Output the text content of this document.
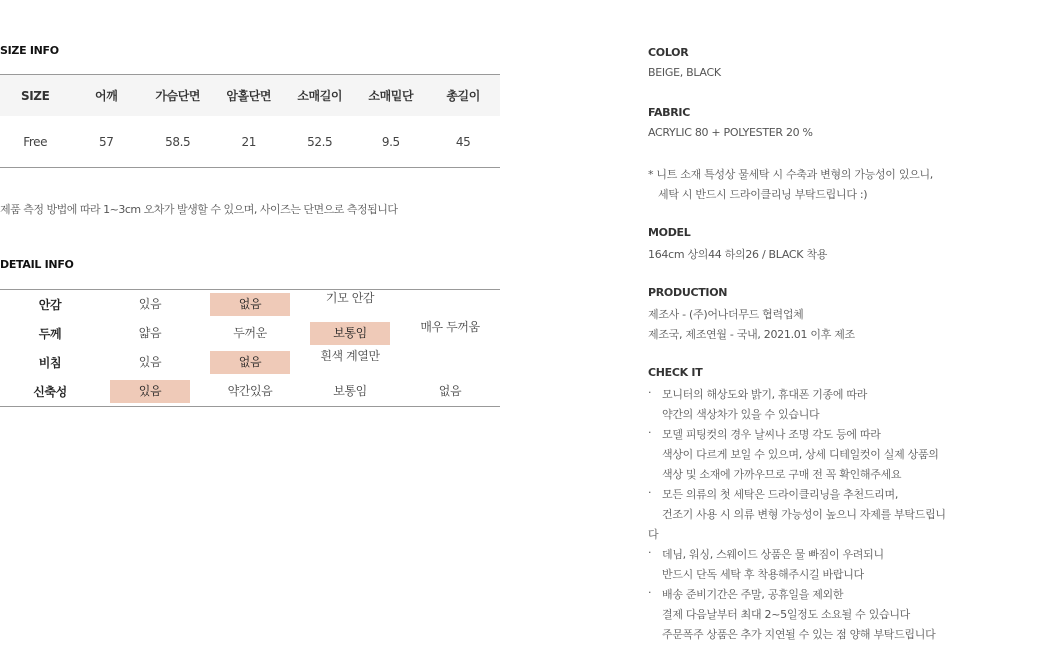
SIZE INFO
SIZE	어깨	가슴단면	암홀단면	소매길이	소매밑단	총길이
Free	57	58.5	21	52.5	9.5	45
제품 측정 방법에 따라 1~3cm 오차가 발생할 수 있으며, 사이즈는 단면으로 측정됩니다
DETAIL INFO
안감	있음	없음	기모 안감	
두께	얇음	두꺼운	보통임	매우 두꺼움
비침	있음	없음	흰색 계열만	
신축성	있음	약간있음	보통임	없음
COLOR
BEIGE, BLACK
FABRIC
ACRYLIC 80 + POLYESTER 20 %
* 니트 소재 특성상 물세탁 시 수축과 변형의 가능성이 있으니,
세탁 시 반드시 드라이클리닝 부탁드립니다 :)
MODEL
164cm 상의44 하의26 / BLACK 착용
PRODUCTION
제조사 - (주)어나더무드 협력업체
제조국, 제조연월 - 국내, 2021.01 이후 제조
CHECK IT
· 모니터의 해상도와 밝기, 휴대폰 기종에 따라
약간의 색상차가 있을 수 있습니다
· 모델 피팅컷의 경우 날씨나 조명 각도 등에 따라
색상이 다르게 보일 수 있으며, 상세 디테일컷이 실제 상품의
색상 및 소재에 가까우므로 구매 전 꼭 확인해주세요
· 모든 의류의 첫 세탁은 드라이클리닝을 추천드리며,
건조기 사용 시 의류 변형 가능성이 높으니 자제를 부탁드립니
다
· 데님, 워싱, 스웨이드 상품은 물 빠짐이 우려되니
반드시 단독 세탁 후 착용해주시길 바랍니다
· 배송 준비기간은 주말, 공휴일을 제외한
결제 다음날부터 최대 2~5일정도 소요될 수 있습니다
주문폭주 상품은 추가 지연될 수 있는 점 양해 부탁드립니다
